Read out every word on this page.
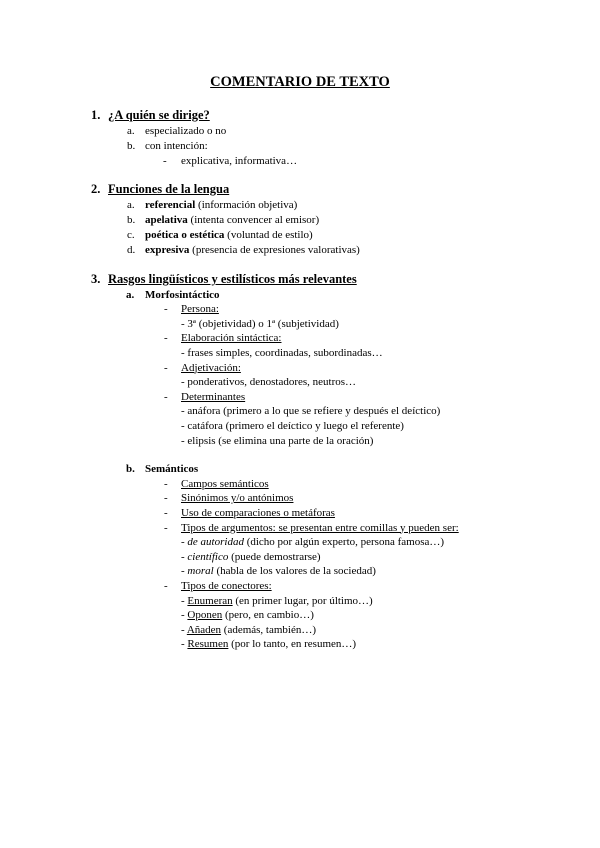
COMENTARIO DE TEXTO
1. ¿A quién se dirige?
a. especializado o no
b. con intención:
- explicativa, informativa…
2. Funciones de la lengua
a. referencial (información objetiva)
b. apelativa (intenta convencer al emisor)
c. poética o estética (voluntad de estilo)
d. expresiva (presencia de expresiones valorativas)
3. Rasgos lingüísticos y estilísticos más relevantes
a. Morfosintáctico
- Persona:
- 3ª (objetividad) o 1ª (subjetividad)
- Elaboración sintáctica:
- frases simples, coordinadas, subordinadas…
- Adjetivación:
- ponderativos, denostadores, neutros…
- Determinantes
- anáfora (primero a lo que se refiere y después el deíctico)
- catáfora (primero el deíctico y luego el referente)
- elipsis (se elimina una parte de la oración)
b. Semánticos
- Campos semánticos
- Sinónimos y/o antónimos
- Uso de comparaciones o metáforas
- Tipos de argumentos: se presentan entre comillas y pueden ser:
- de autoridad (dicho por algún experto, persona famosa…)
- científico (puede demostrarse)
- moral (habla de los valores de la sociedad)
- Tipos de conectores:
- Enumeran (en primer lugar, por último…)
- Oponen (pero, en cambio…)
- Añaden (además, también…)
- Resumen (por lo tanto, en resumen…)
